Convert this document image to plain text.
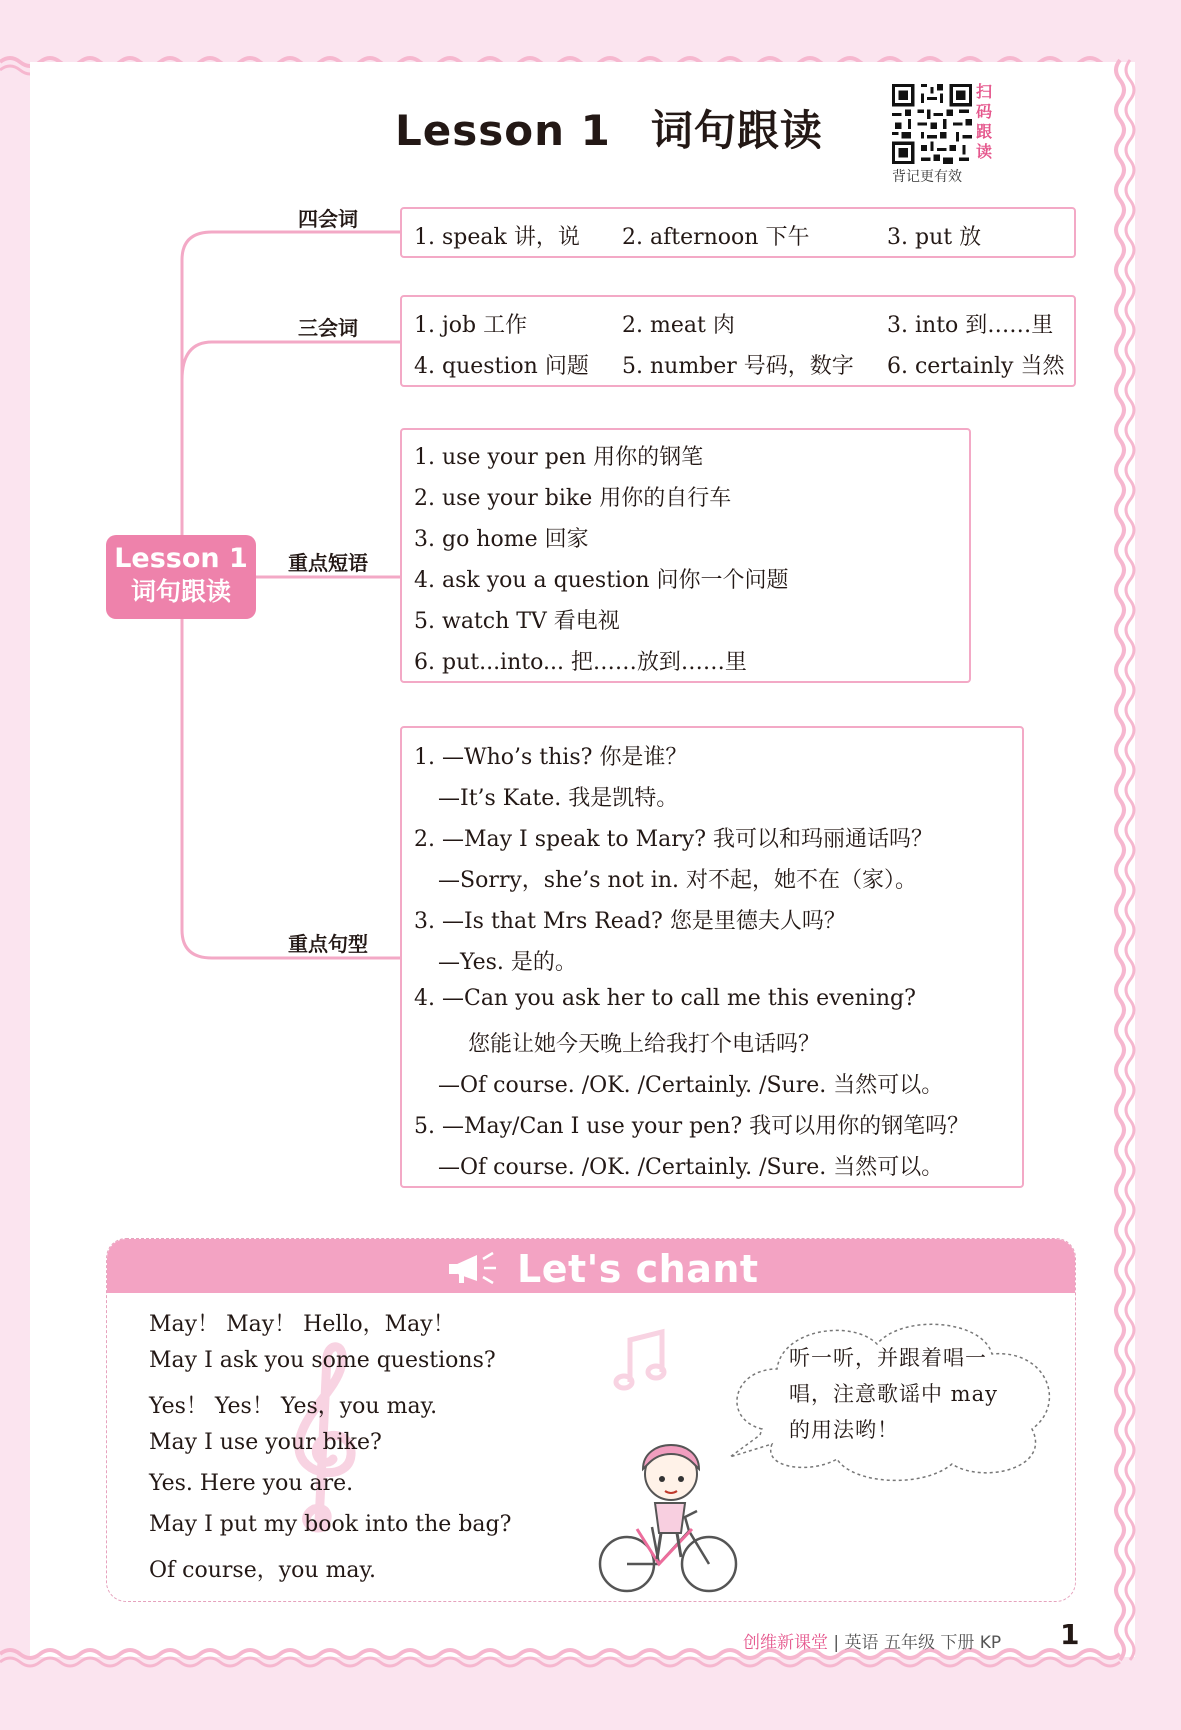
Lesson 1 词句跟读
扫
码
跟
读
背记更有效
Lesson 1
词句跟读
四会词
1. speak 讲，说 2. afternoon 下午	3. put 放
三会词	1. job 工作	2. meat 肉	3. into 到……里
4. question 问题 5. number 号码，数字 6. certainly 当然
重点短语
1. use your pen 用你的钢笔
2. use your bike 用你的自行车
3. go home 回家
4. ask you a question 问你一个问题
5. watch TV 看电视
6. put...into... 把……放到……里
重点句型
1. —Who’s this? 你是谁？
—It’s Kate. 我是凯特。
2. —May I speak to Mary? 我可以和玛丽通话吗？
—Sorry，she’s not in. 对不起，她不在（家）。
3. —Is that Mrs Read? 您是里德夫人吗？
—Yes. 是的。
4. —Can you ask her to call me this evening?
您能让她今天晚上给我打个电话吗？
—Of course. /OK. /Certainly. /Sure. 当然可以。
5. —May/Can I use your pen? 我可以用你的钢笔吗？
—Of course. /OK. /Certainly. /Sure. 当然可以。
Let's chant
May！ May！ Hello，May！
May I ask you some questions?
Yes！ Yes！ Yes，you may.
May I use your bike?
Yes. Here you are.
May I put my book into the bag?
Of course，you may.
听一听，并跟着唱一
唱，注意歌谣中 may
的用法哟！
创维新课堂 | 英语 五年级 下册 KP 1
